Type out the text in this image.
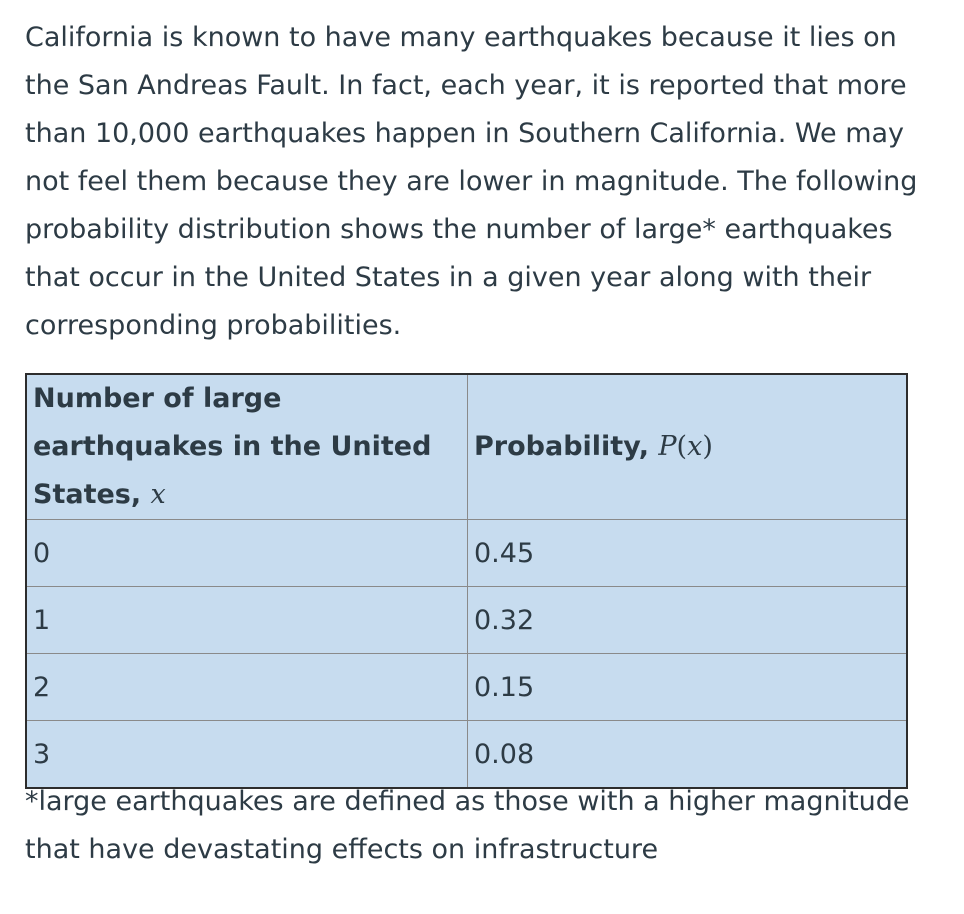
California is known to have many earthquakes because it lies on the San Andreas Fault. In fact, each year, it is reported that more than 10,000 earthquakes happen in Southern California. We may not feel them because they are lower in magnitude. The following probability distribution shows the number of large* earthquakes that occur in the United States in a given year along with their corresponding probabilities.

Number of large earthquakes in the United States, x	Probability, P(x)
0	0.45
1	0.32
2	0.15
3	0.08

*large earthquakes are defined as those with a higher magnitude that have devastating effects on infrastructure
